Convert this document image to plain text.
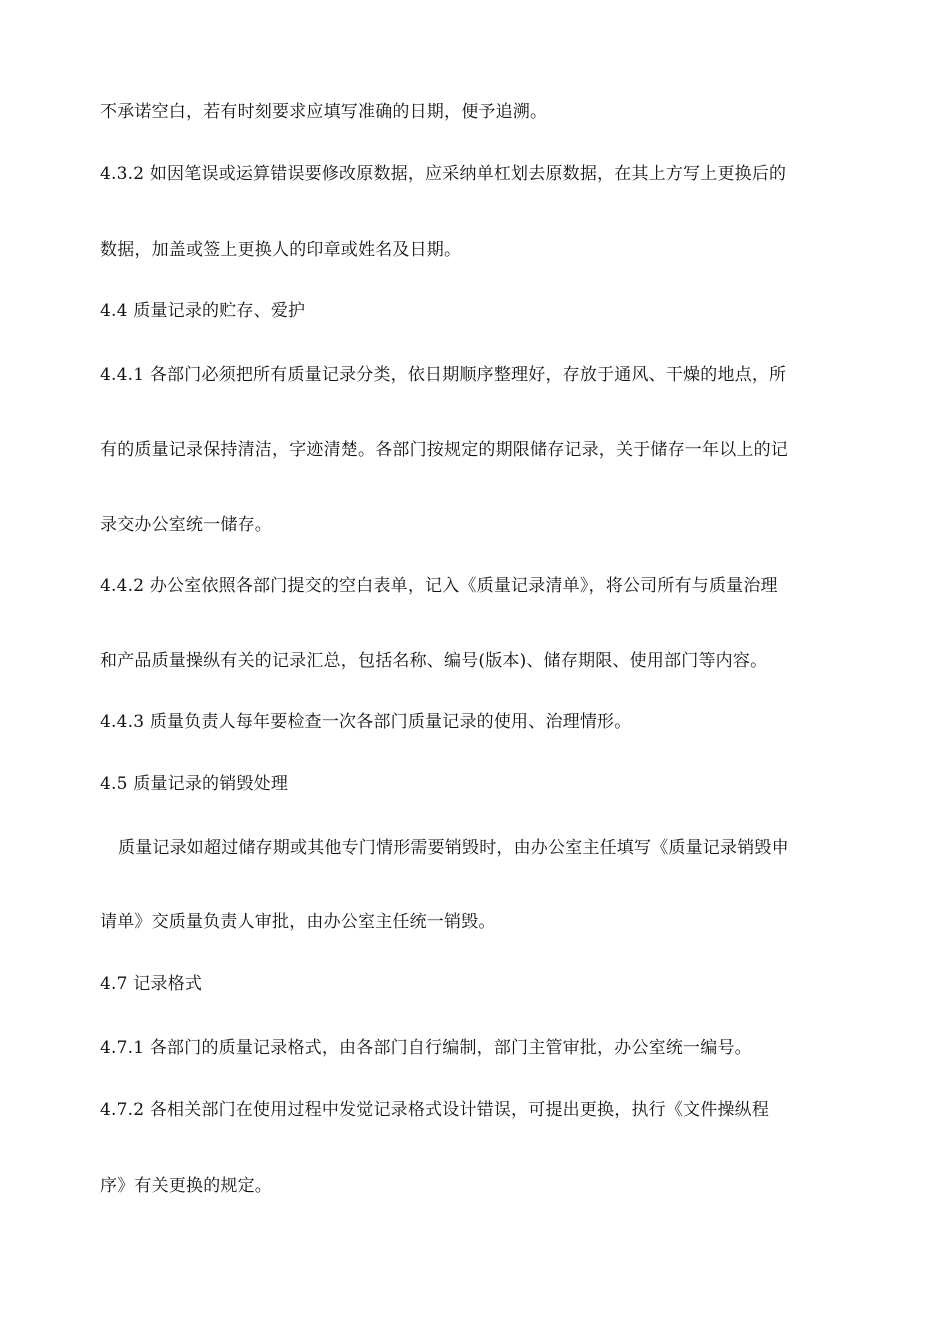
不承诺空白，若有时刻要求应填写准确的日期，便予追溯。
4.3.2 如因笔误或运算错误要修改原数据，应采纳单杠划去原数据，在其上方写上更换后的
数据，加盖或签上更换人的印章或姓名及日期。
4.4 质量记录的贮存、爱护
4.4.1 各部门必须把所有质量记录分类，依日期顺序整理好，存放于通风、干燥的地点，所
有的质量记录保持清洁，字迹清楚。各部门按规定的期限储存记录，关于储存一年以上的记
录交办公室统一储存。
4.4.2 办公室依照各部门提交的空白表单，记入《质量记录清单》，将公司所有与质量治理
和产品质量操纵有关的记录汇总，包括名称、编号(版本)、储存期限、使用部门等内容。
4.4.3 质量负责人每年要检查一次各部门质量记录的使用、治理情形。
4.5 质量记录的销毁处理
质量记录如超过储存期或其他专门情形需要销毁时，由办公室主任填写《质量记录销毁申
请单》交质量负责人审批，由办公室主任统一销毁。
4.7 记录格式
4.7.1 各部门的质量记录格式，由各部门自行编制，部门主管审批，办公室统一编号。
4.7.2 各相关部门在使用过程中发觉记录格式设计错误，可提出更换，执行《文件操纵程
序》有关更换的规定。
